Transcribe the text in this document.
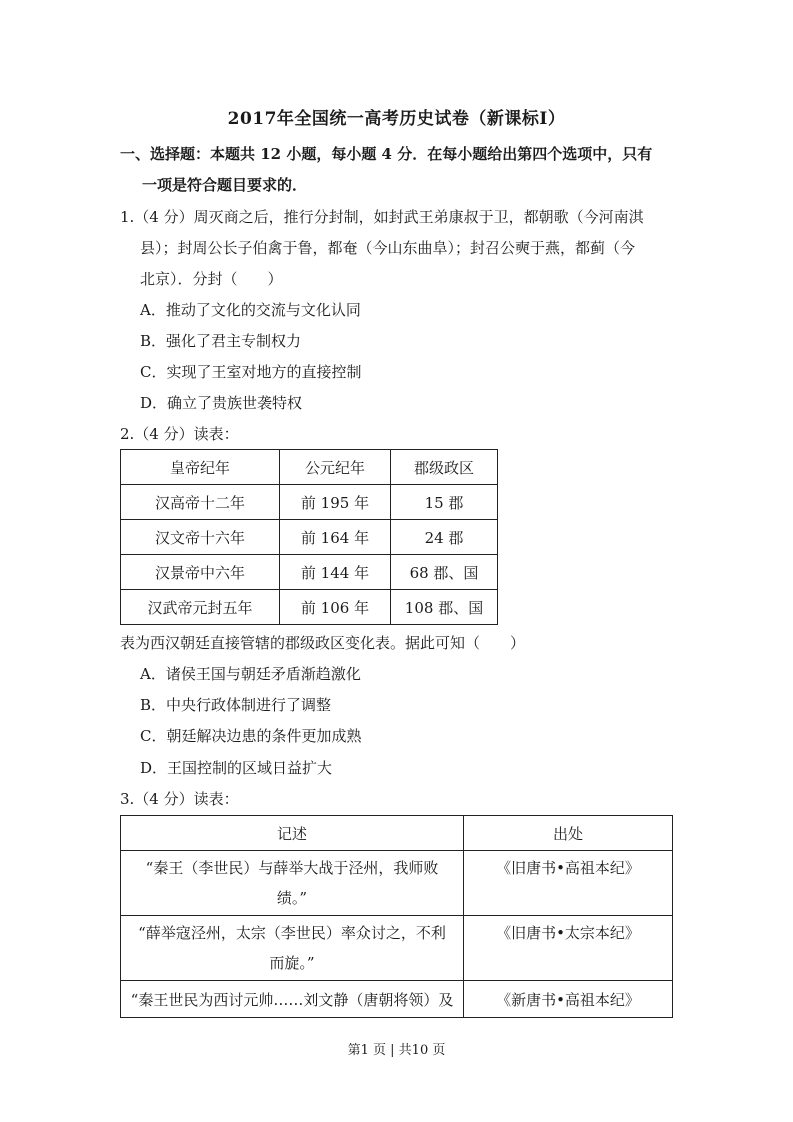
2017年全国统一高考历史试卷（新课标Ⅰ）
一、选择题：本题共 12 小题，每小题 4 分．在每小题给出第四个选项中，只有
一项是符合题目要求的．
1.（4 分）周灭商之后，推行分封制，如封武王弟康叔于卫，都朝歌（今河南淇
县）；封周公长子伯禽于鲁，都奄（今山东曲阜）；封召公奭于燕，都蓟（今
北京）．分封（　　）
A．推动了文化的交流与文化认同
B．强化了君主专制权力
C．实现了王室对地方的直接控制
D．确立了贵族世袭特权
2.（4 分）读表：
皇帝纪年	公元纪年	郡级政区
汉高帝十二年	前 195 年	15 郡
汉文帝十六年	前 164 年	24 郡
汉景帝中六年	前 144 年	68 郡、国
汉武帝元封五年	前 106 年	108 郡、国
表为西汉朝廷直接管辖的郡级政区变化表。据此可知（　　）
A．诸侯王国与朝廷矛盾渐趋激化
B．中央行政体制进行了调整
C．朝廷解决边患的条件更加成熟
D．王国控制的区域日益扩大
3.（4 分）读表：
记述	出处

“秦王（李世民）与薛举大战于泾州，我师败
绩。”	《旧唐书•高祖本纪》

“薛举寇泾州，太宗（李世民）率众讨之，不利
而旋。”	《旧唐书•太宗本纪》

“秦王世民为西讨元帅……刘文静（唐朝将领）及	《新唐书•高祖本纪》
第1 页 | 共10 页
